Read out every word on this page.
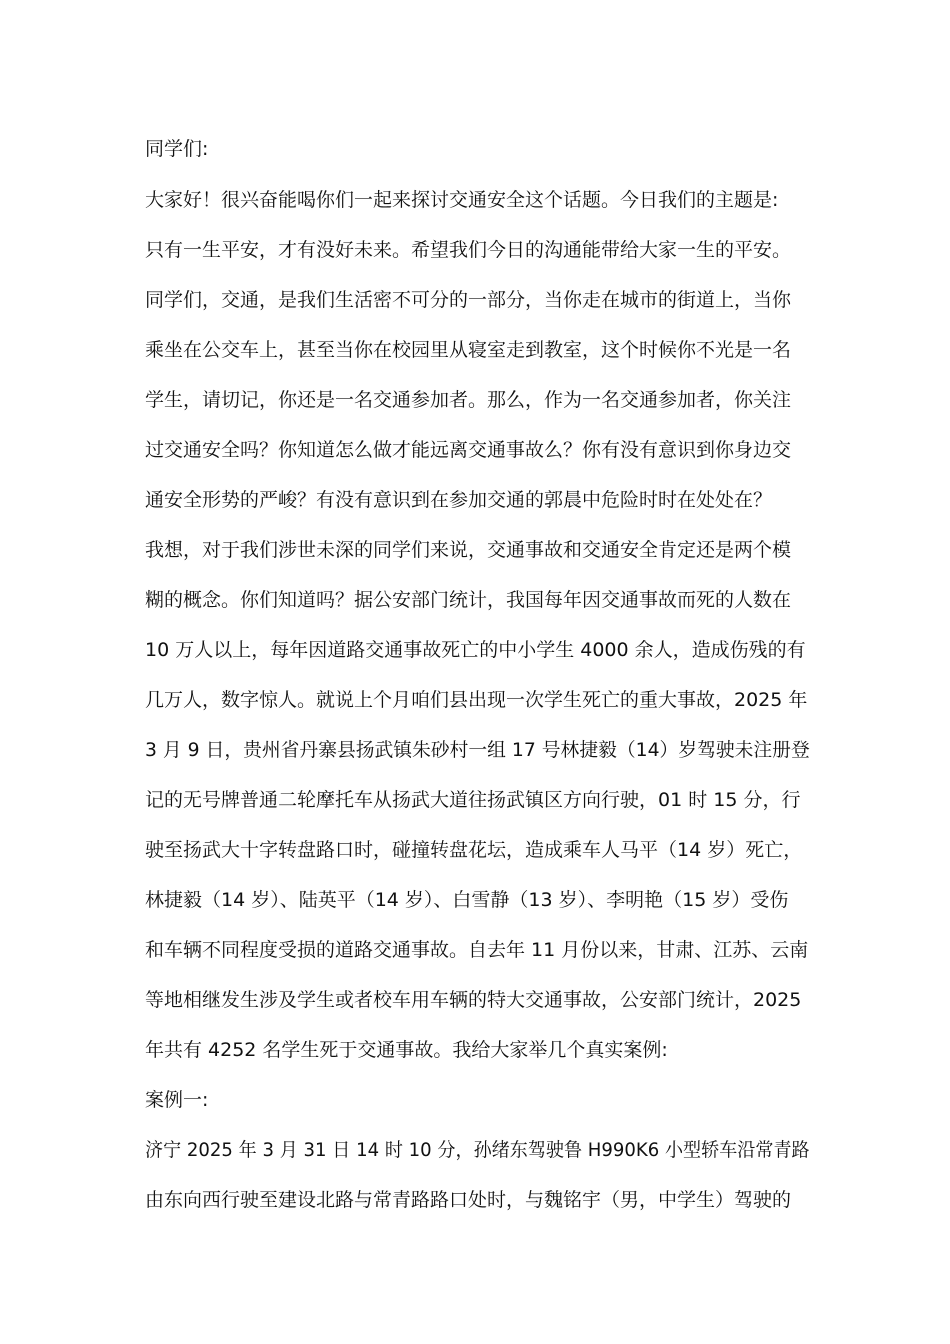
同学们:
大家好！很兴奋能喝你们一起来探讨交通安全这个话题。今日我们的主题是:
只有一生平安，才有没好未来。希望我们今日的沟通能带给大家一生的平安。
同学们，交通，是我们生活密不可分的一部分，当你走在城市的街道上，当你
乘坐在公交车上，甚至当你在校园里从寝室走到教室，这个时候你不光是一名
学生，请切记，你还是一名交通参加者。那么，作为一名交通参加者，你关注
过交通安全吗？你知道怎么做才能远离交通事故么？你有没有意识到你身边交
通安全形势的严峻？有没有意识到在参加交通的郭晨中危险时时在处处在？
我想，对于我们涉世未深的同学们来说，交通事故和交通安全肯定还是两个模
糊的概念。你们知道吗？据公安部门统计，我国每年因交通事故而死的人数在
10 万人以上，每年因道路交通事故死亡的中小学生 4000 余人，造成伤残的有
几万人，数字惊人。就说上个月咱们县出现一次学生死亡的重大事故，2025 年
3 月 9 日，贵州省丹寨县扬武镇朱砂村一组 17 号林捷毅（14）岁驾驶未注册登
记的无号牌普通二轮摩托车从扬武大道往扬武镇区方向行驶，01 时 15 分，行
驶至扬武大十字转盘路口时，碰撞转盘花坛，造成乘车人马平（14 岁）死亡，
林捷毅（14 岁）、陆英平（14 岁）、白雪静（13 岁）、李明艳（15 岁）受伤
和车辆不同程度受损的道路交通事故。自去年 11 月份以来，甘肃、江苏、云南
等地相继发生涉及学生或者校车用车辆的特大交通事故，公安部门统计，2025
年共有 4252 名学生死于交通事故。我给大家举几个真实案例:
案例一:
济宁 2025 年 3 月 31 日 14 时 10 分，孙绪东驾驶鲁 H990K6 小型轿车沿常青路
由东向西行驶至建设北路与常青路路口处时，与魏铭宇（男，中学生）驾驶的
